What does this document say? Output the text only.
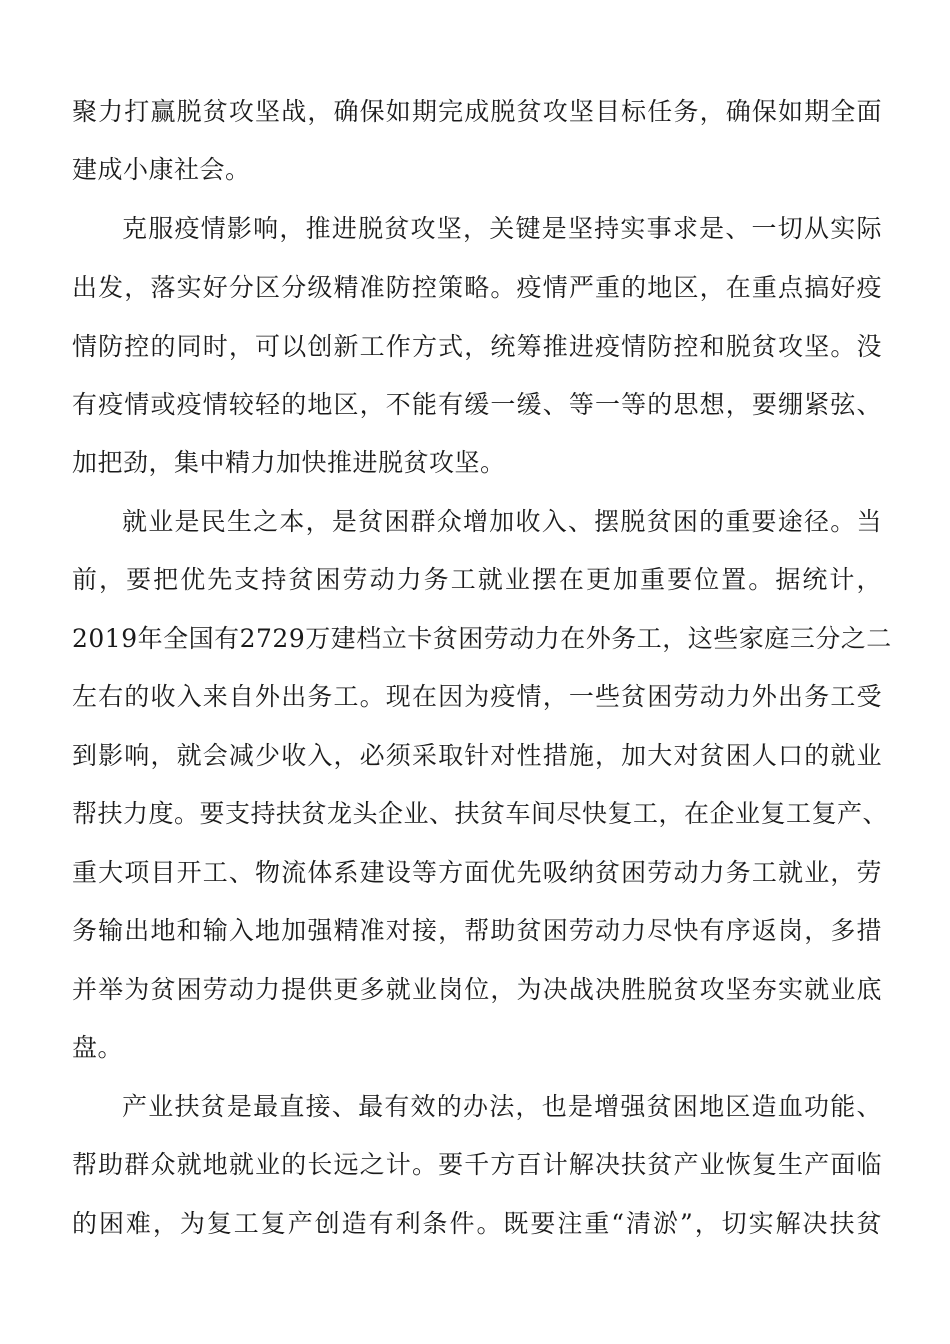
聚力打赢脱贫攻坚战，确保如期完成脱贫攻坚目标任务，确保如期全面
建成小康社会。
克服疫情影响，推进脱贫攻坚，关键是坚持实事求是、一切从实际
出发，落实好分区分级精准防控策略。疫情严重的地区，在重点搞好疫
情防控的同时，可以创新工作方式，统筹推进疫情防控和脱贫攻坚。没
有疫情或疫情较轻的地区，不能有缓一缓、等一等的思想，要绷紧弦、
加把劲，集中精力加快推进脱贫攻坚。
就业是民生之本，是贫困群众增加收入、摆脱贫困的重要途径。当
前，要把优先支持贫困劳动力务工就业摆在更加重要位置。据统计，
2019年全国有2729万建档立卡贫困劳动力在外务工，这些家庭三分之二
左右的收入来自外出务工。现在因为疫情，一些贫困劳动力外出务工受
到影响，就会减少收入，必须采取针对性措施，加大对贫困人口的就业
帮扶力度。要支持扶贫龙头企业、扶贫车间尽快复工，在企业复工复产、
重大项目开工、物流体系建设等方面优先吸纳贫困劳动力务工就业，劳
务输出地和输入地加强精准对接，帮助贫困劳动力尽快有序返岗，多措
并举为贫困劳动力提供更多就业岗位，为决战决胜脱贫攻坚夯实就业底
盘。
产业扶贫是最直接、最有效的办法，也是增强贫困地区造血功能、
帮助群众就地就业的长远之计。要千方百计解决扶贫产业恢复生产面临
的困难，为复工复产创造有利条件。既要注重“清淤”，切实解决扶贫
